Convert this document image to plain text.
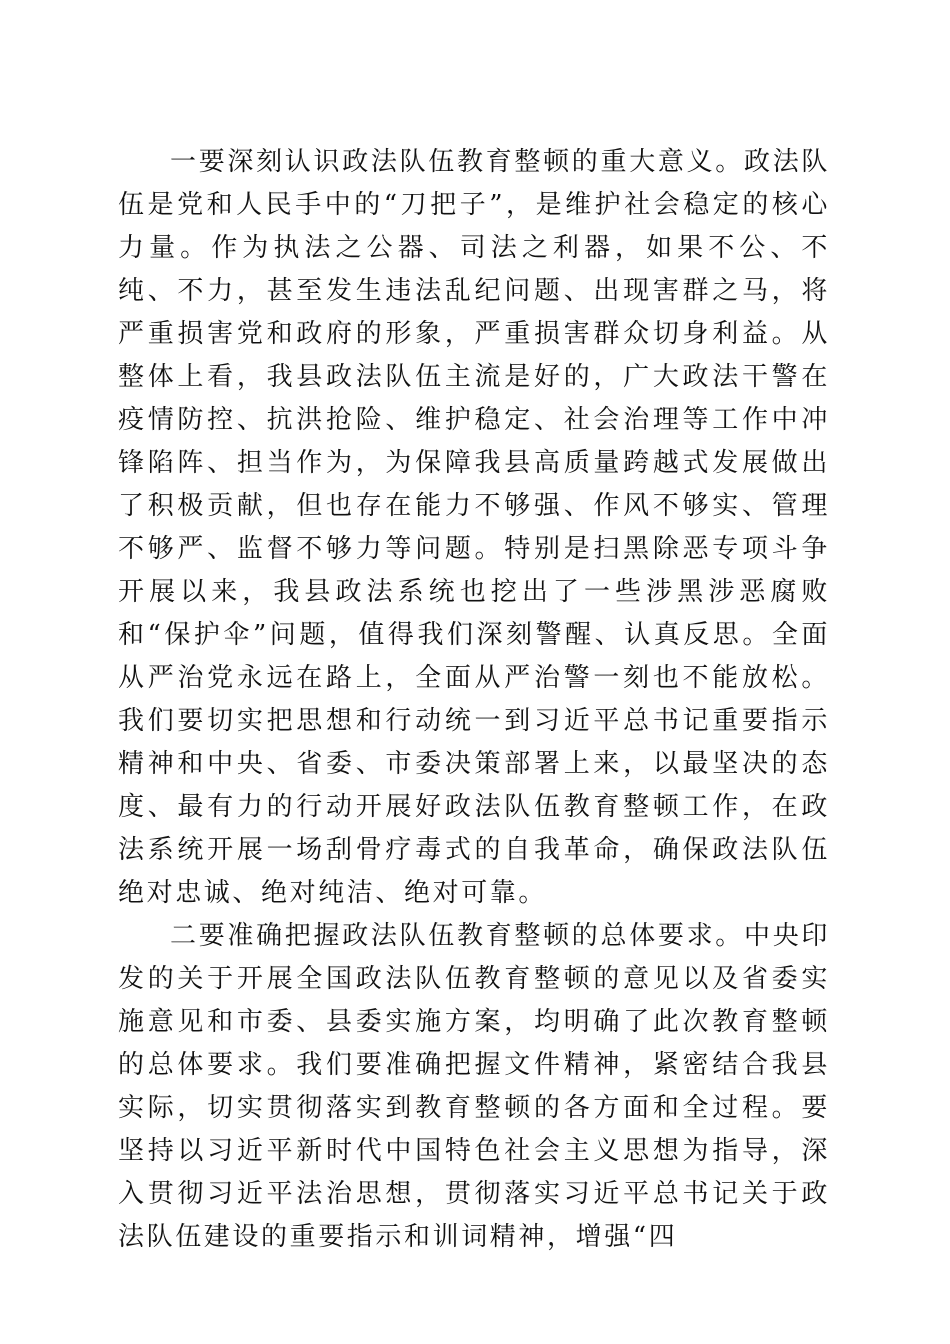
一要深刻认识政法队伍教育整顿的重大意义。政法队伍是党和人民手中的“刀把子”，是维护社会稳定的核心力量。作为执法之公器、司法之利器，如果不公、不纯、不力，甚至发生违法乱纪问题、出现害群之马，将严重损害党和政府的形象，严重损害群众切身利益。从整体上看，我县政法队伍主流是好的，广大政法干警在疫情防控、抗洪抢险、维护稳定、社会治理等工作中冲锋陷阵、担当作为，为保障我县高质量跨越式发展做出了积极贡献，但也存在能力不够强、作风不够实、管理不够严、监督不够力等问题。特别是扫黑除恶专项斗争开展以来，我县政法系统也挖出了一些涉黑涉恶腐败和“保护伞”问题，值得我们深刻警醒、认真反思。全面从严治党永远在路上，全面从严治警一刻也不能放松。我们要切实把思想和行动统一到习近平总书记重要指示精神和中央、省委、市委决策部署上来，以最坚决的态度、最有力的行动开展好政法队伍教育整顿工作，在政法系统开展一场刮骨疗毒式的自我革命，确保政法队伍绝对忠诚、绝对纯洁、绝对可靠。

二要准确把握政法队伍教育整顿的总体要求。中央印发的关于开展全国政法队伍教育整顿的意见以及省委实施意见和市委、县委实施方案，均明确了此次教育整顿的总体要求。我们要准确把握文件精神，紧密结合我县实际，切实贯彻落实到教育整顿的各方面和全过程。要坚持以习近平新时代中国特色社会主义思想为指导，深入贯彻习近平法治思想，贯彻落实习近平总书记关于政法队伍建设的重要指示和训词精神，增强“四
